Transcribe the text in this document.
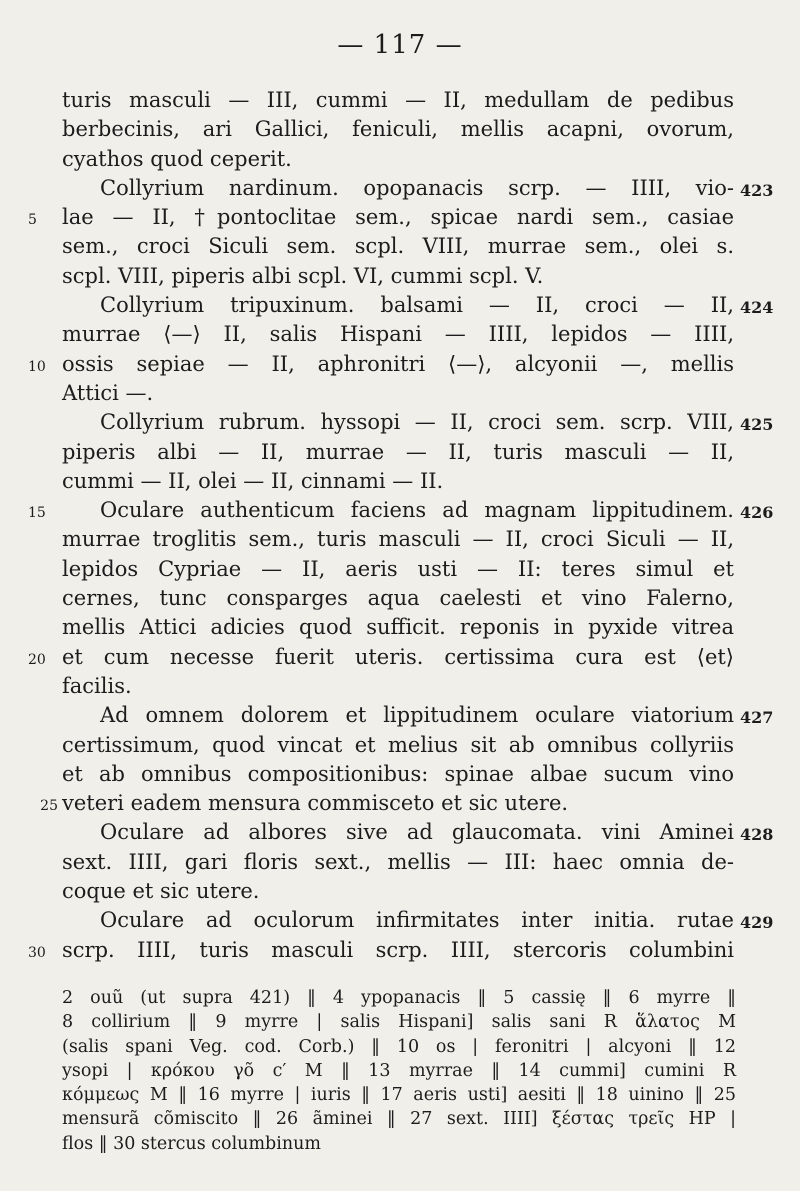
— 117 —
turis masculi — III, cummi — II, medullam de pedibus
berbecinis, ari Gallici, feniculi, mellis acapni, ovorum,
cyathos quod ceperit.
423
Collyrium nardinum. opopanacis scrp. — IIII, vio-
5	lae — II, †pontoclitae sem., spicae nardi sem., casiae
sem., croci Siculi sem. scpl. VIII, murrae sem., olei s.
scpl. VIII, piperis albi scpl. VI, cummi scpl. V.
424
Collyrium tripuxinum. balsami — II, croci — II,
murrae ⟨—⟩ II, salis Hispani — IIII, lepidos — IIII,
10 ossis sepiae — II, aphronitri ⟨—⟩, alcyonii —, mellis
Attici —.
425
Collyrium rubrum. hyssopi — II, croci sem. scrp. VIII,
piperis albi — II, murrae — II, turis masculi — II,
cummi — II, olei — II, cinnami — II.
15	426
Oculare authenticum faciens ad magnam lippitudinem.
murrae troglitis sem., turis masculi — II, croci Siculi — II,
lepidos Cypriae — II, aeris usti — II: teres simul et
cernes, tunc consparges aqua caelesti et vino Falerno,
mellis Attici adicies quod sufficit. reponis in pyxide vitrea
20 et cum necesse fuerit uteris. certissima cura est ⟨et⟩
facilis.
427
Ad omnem dolorem et lippitudinem oculare viatorium
certissimum, quod vincat et melius sit ab omnibus collyriis
et ab omnibus compositionibus: spinae albae sucum vino
25 veteri eadem mensura commisceto et sic utere.
428
Oculare ad albores sive ad glaucomata. vini Aminei
sext. IIII, gari floris sext., mellis — III: haec omnia de-
coque et sic utere.
429
Oculare ad oculorum infirmitates inter initia. rutae
30 scrp. IIII, turis masculi scrp. IIII, stercoris columbini
2 ouũ (ut supra 421) ‖ 4 ypopanacis ‖ 5 cassię ‖ 6 myrre ‖
8 collirium ‖ 9 myrre | salis Hispani] salis sani R ἅλατος M
(salis spani Veg. cod. Corb.) ‖ 10 os | feronitri | alcyoni ‖ 12
ysopi | κρόκου γõ c′ M ‖ 13 myrrae ‖ 14 cummi] cumini R
κόμμεως M ‖ 16 myrre | iuris ‖ 17 aeris usti] aesiti ‖ 18 uinino ‖ 25
mensurã cõmiscito ‖ 26 ãminei ‖ 27 sext. IIII] ξέστας τρεῖς HP |
flos ‖ 30 stercus columbinum
